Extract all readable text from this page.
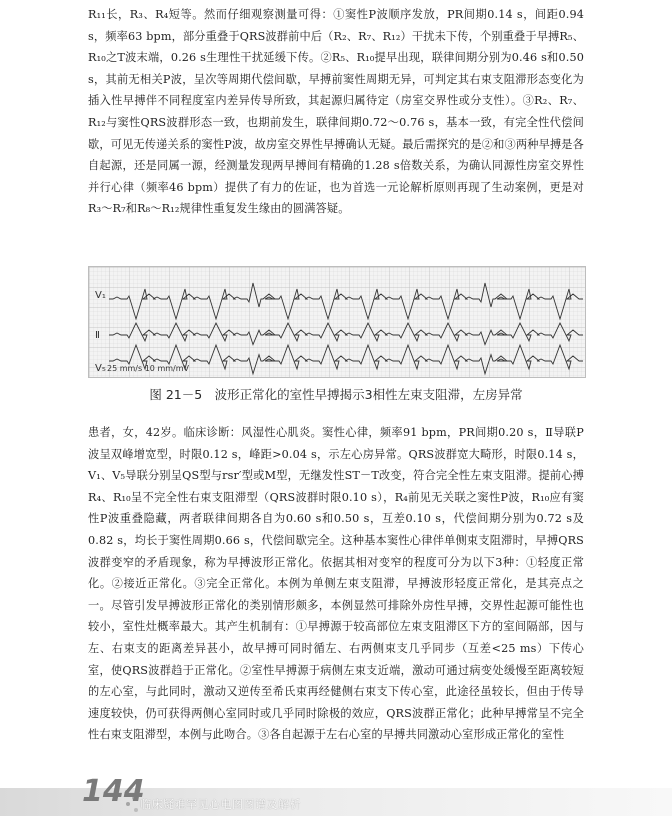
R₁₁长，R₃、R₄短等。然而仔细观察测量可得：①窦性P波顺序发放，PR间期0.14 s，间距0.94 s，频率63 bpm，部分重叠于QRS波群前中后（R₂、R₇、R₁₂）干扰未下传，个别重叠于早搏R₅、R₁₀之T波末端，0.26 s生理性干扰延缓下传。②R₅、R₁₀提早出现，联律间期分别为0.46 s和0.50 s，其前无相关P波，呈次等周期代偿间歇，早搏前窦性周期无异，可判定其右束支阻滞形态变化为插入性早搏伴不同程度室内差异传导所致，其起源归属待定（房室交界性或分支性）。③R₂、R₇、R₁₂与窦性QRS波群形态一致，也期前发生，联律间期0.72～0.76 s，基本一致，有完全性代偿间歇，可见无传递关系的窦性P波，故房室交界性早搏确认无疑。最后需探究的是②和③两种早搏是各自起源，还是同属一源，经测量发现两早搏间有精确的1.28 s倍数关系，为确认同源性房室交界性并行心律（频率46 bpm）提供了有力的佐证，也为首选一元论解析原则再现了生动案例，更是对R₃～R₇和R₈～R₁₂规律性重复发生缘由的圆满答疑。
V₁
Ⅱ
V₅ 25 mm/s 10 mm/mV
图 21－5　波形正常化的室性早搏揭示3相性左束支阻滞，左房异常
患者，女，42岁。临床诊断：风湿性心肌炎。窦性心律，频率91 bpm，PR间期0.20 s，Ⅱ导联P波呈双峰增宽型，时限0.12 s，峰距>0.04 s，示左心房异常。QRS波群宽大畸形，时限0.14 s，V₁、V₅导联分别呈QS型与rsr′型或M型，无继发性ST－T改变，符合完全性左束支阻滞。提前心搏R₄、R₁₀呈不完全性右束支阻滞型（QRS波群时限0.10 s），R₄前见无关联之窦性P波，R₁₀应有窦性P波重叠隐藏，两者联律间期各自为0.60 s和0.50 s，互差0.10 s，代偿间期分别为0.72 s及0.82 s，均长于窦性周期0.66 s，代偿间歇完全。这种基本窦性心律伴单侧束支阻滞时，早搏QRS波群变窄的矛盾现象，称为早搏波形正常化。依据其相对变窄的程度可分为以下3种：①轻度正常化。②接近正常化。③完全正常化。本例为单侧左束支阻滞，早搏波形轻度正常化，是其亮点之一。尽管引发早搏波形正常化的类别情形颇多，本例显然可排除外房性早搏，交界性起源可能性也较小，室性灶概率最大。其产生机制有：①早搏源于较高部位左束支阻滞区下方的室间隔部，因与左、右束支的距离差异甚小，故早搏可同时循左、右两侧束支几乎同步（互差<25 ms）下传心室，使QRS波群趋于正常化。②室性早搏源于病侧左束支近端，激动可通过病变处缓慢至距离较短的左心室，与此同时，激动又逆传至希氏束再经健侧右束支下传心室，此途径虽较长，但由于传导速度较快，仍可获得两侧心室同时或几乎同时除极的效应，QRS波群正常化；此种早搏常呈不完全性右束支阻滞型，本例与此吻合。③各自起源于左右心室的早搏共同激动心室形成正常化的室性
144
临床疑难罕见心电图图谱及解析
